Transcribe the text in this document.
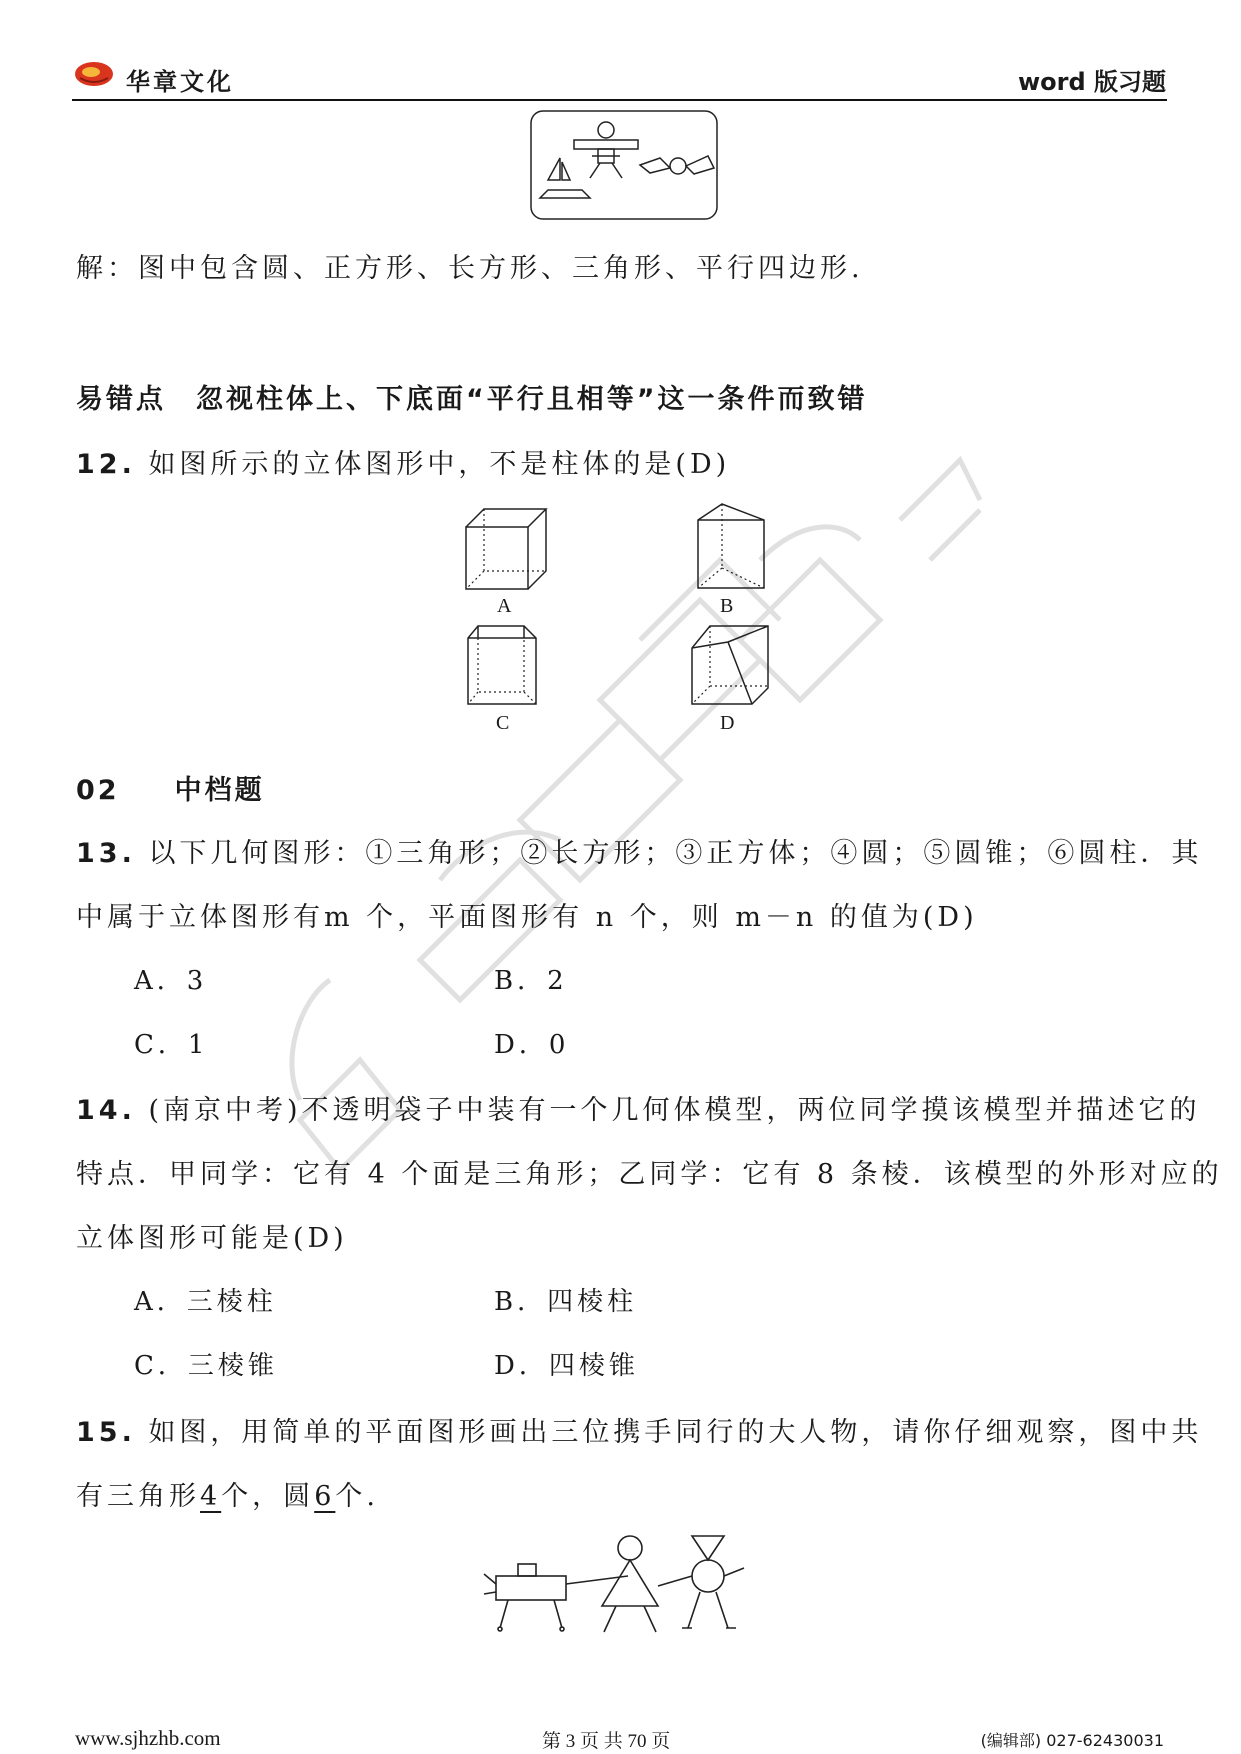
华章文化	word 版习题
解：图中包含圆、正方形、长方形、三角形、平行四边形.
易错点　忽视柱体上、下底面“平行且相等”这一条件而致错
12. 如图所示的立体图形中，不是柱体的是(D)
A	B
C	D
02 中档题
13. 以下几何图形：①三角形；②长方形；③正方体；④圆；⑤圆锥；⑥圆柱．其
中属于立体图形有m 个，平面图形有 n 个，则 m－n 的值为(D)
A．3	B．2
C．1	D．0
14. (南京中考)不透明袋子中装有一个几何体模型，两位同学摸该模型并描述它的
特点．甲同学：它有 4 个面是三角形；乙同学：它有 8 条棱．该模型的外形对应的
立体图形可能是(D)
A．三棱柱	B．四棱柱
C．三棱锥	D．四棱锥
15. 如图，用简单的平面图形画出三位携手同行的大人物，请你仔细观察，图中共
有三角形4个，圆6个.
www.sjhzhb.com	第 3 页 共 70 页	(编辑部) 027-62430031
